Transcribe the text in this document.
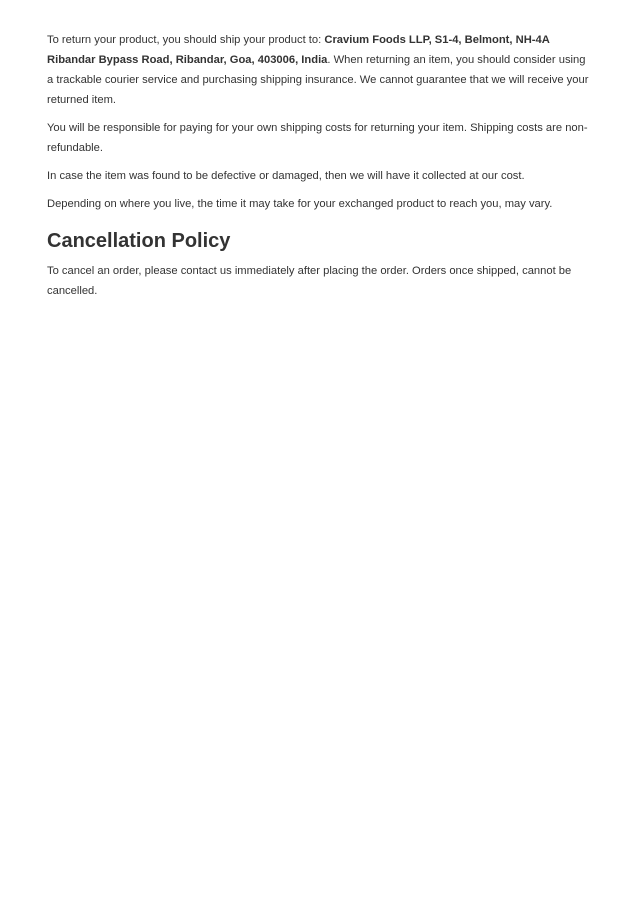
To return your product, you should ship your product to: Cravium Foods LLP, S1-4, Belmont, NH-4A Ribandar Bypass Road, Ribandar, Goa, 403006, India. When returning an item, you should consider using a trackable courier service and purchasing shipping insurance. We cannot guarantee that we will receive your returned item.

You will be responsible for paying for your own shipping costs for returning your item. Shipping costs are non-refundable.

In case the item was found to be defective or damaged, then we will have it collected at our cost.

Depending on where you live, the time it may take for your exchanged product to reach you, may vary.

Cancellation Policy

To cancel an order, please contact us immediately after placing the order. Orders once shipped, cannot be cancelled.
